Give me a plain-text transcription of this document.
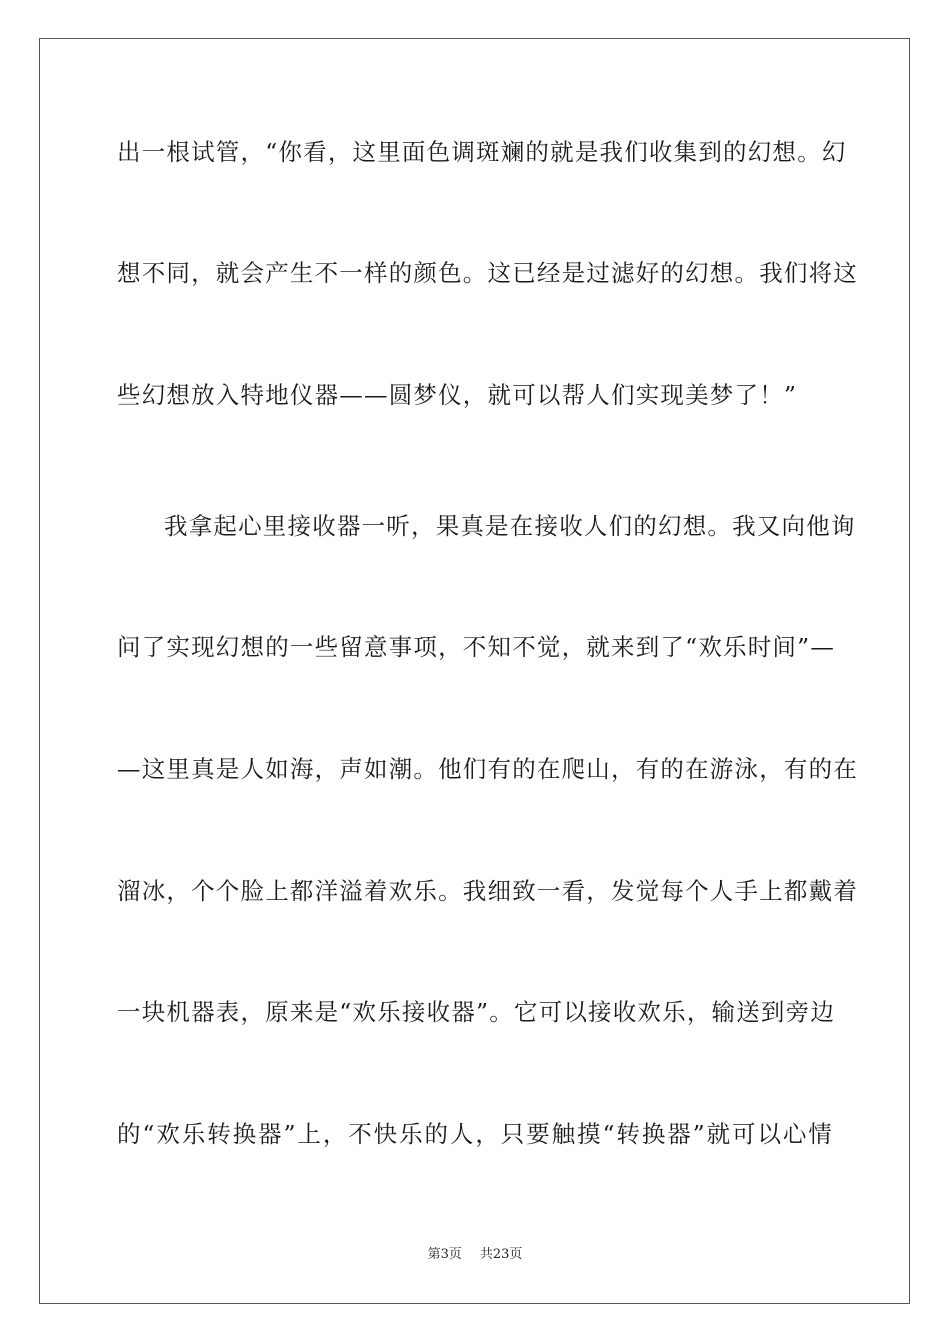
出一根试管，“你看，这里面色调斑斓的就是我们收集到的幻想。幻
想不同，就会产生不一样的颜色。这已经是过滤好的幻想。我们将这
些幻想放入特地仪器——圆梦仪，就可以帮人们实现美梦了！”
我拿起心里接收器一听，果真是在接收人们的幻想。我又向他询
问了实现幻想的一些留意事项，不知不觉，就来到了“欢乐时间”—
—这里真是人如海，声如潮。他们有的在爬山，有的在游泳，有的在
溜冰，个个脸上都洋溢着欢乐。我细致一看，发觉每个人手上都戴着
一块机器表，原来是“欢乐接收器”。它可以接收欢乐，输送到旁边
的“欢乐转换器”上，不快乐的人，只要触摸“转换器”就可以心情
第3页 共23页
